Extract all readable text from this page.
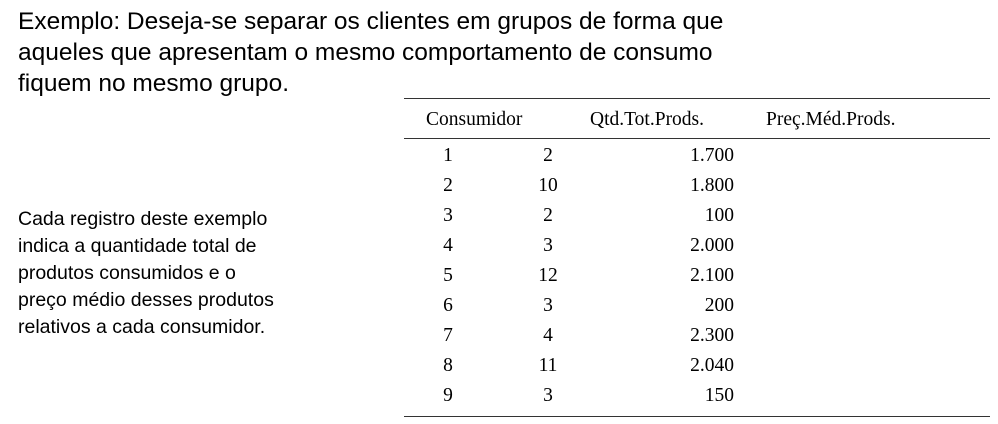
Exemplo: Deseja-se separar os clientes em grupos de forma que
aqueles que apresentam o mesmo comportamento de consumo
fiquem no mesmo grupo.
Cada registro deste exemplo
indica a quantidade total de
produtos consumidos e o
preço médio desses produtos
relativos a cada consumidor.
Consumidor	Qtd.Tot.Prods.	Preç.Méd.Prods.
1	2	1.700
2	10	1.800
3	2	100
4	3	2.000
5	12	2.100
6	3	200
7	4	2.300
8	11	2.040
9	3	150
